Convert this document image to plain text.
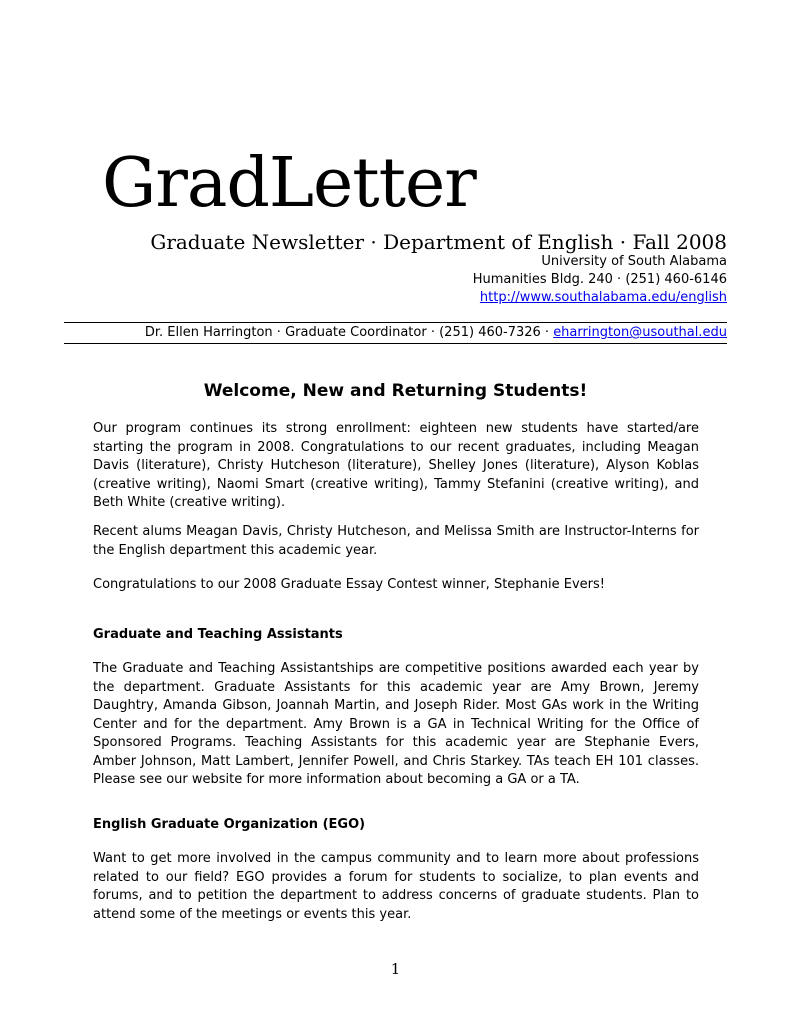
GradLetter
Graduate Newsletter · Department of English · Fall 2008
University of South Alabama
Humanities Bldg. 240 · (251) 460-6146
http://www.southalabama.edu/english
Dr. Ellen Harrington · Graduate Coordinator · (251) 460-7326 · eharrington@usouthal.edu
Welcome, New and Returning Students!

Our program continues its strong enrollment: eighteen new students have started/are starting the program in 2008. Congratulations to our recent graduates, including Meagan Davis (literature), Christy Hutcheson (literature), Shelley Jones (literature), Alyson Koblas (creative writing), Naomi Smart (creative writing), Tammy Stefanini (creative writing), and Beth White (creative writing).

Recent alums Meagan Davis, Christy Hutcheson, and Melissa Smith are Instructor-Interns for the English department this academic year.

Congratulations to our 2008 Graduate Essay Contest winner, Stephanie Evers!

Graduate and Teaching Assistants

The Graduate and Teaching Assistantships are competitive positions awarded each year by the department. Graduate Assistants for this academic year are Amy Brown, Jeremy Daughtry, Amanda Gibson, Joannah Martin, and Joseph Rider. Most GAs work in the Writing Center and for the department. Amy Brown is a GA in Technical Writing for the Office of Sponsored Programs. Teaching Assistants for this academic year are Stephanie Evers, Amber Johnson, Matt Lambert, Jennifer Powell, and Chris Starkey. TAs teach EH 101 classes. Please see our website for more information about becoming a GA or a TA.

English Graduate Organization (EGO)

Want to get more involved in the campus community and to learn more about professions related to our field? EGO provides a forum for students to socialize, to plan events and forums, and to petition the department to address concerns of graduate students. Plan to attend some of the meetings or events this year.

1
